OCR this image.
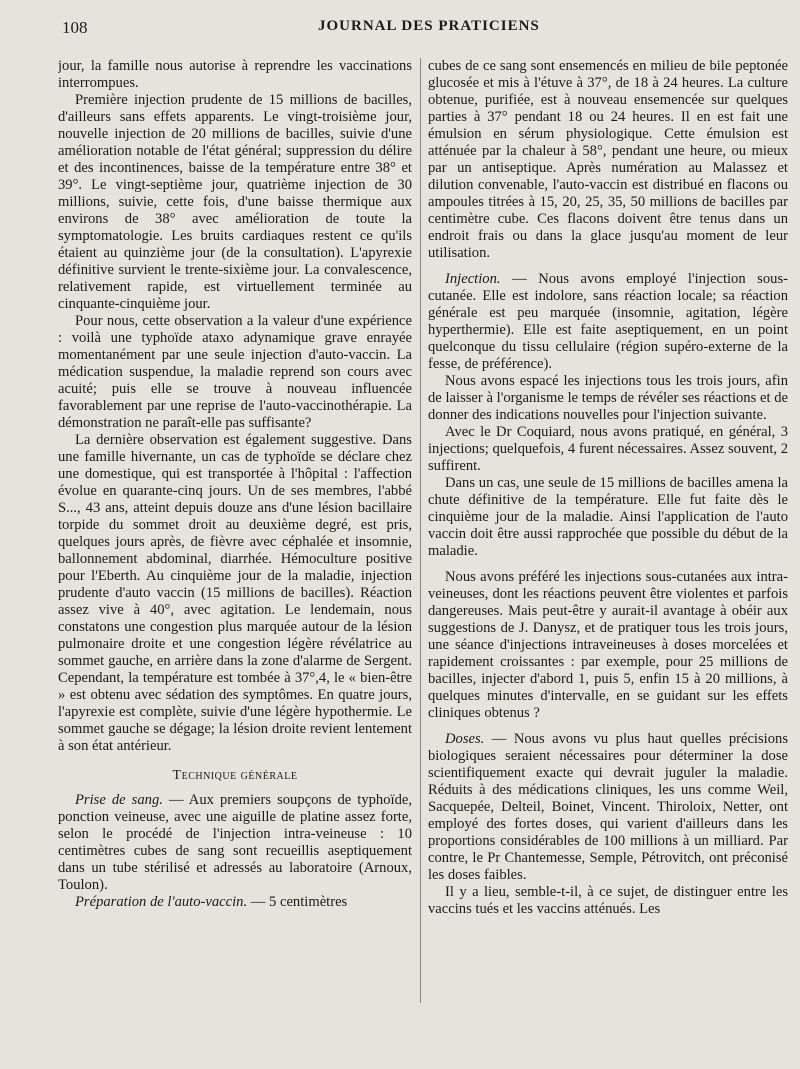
108	JOURNAL DES PRATICIENS

jour, la famille nous autorise à reprendre les vaccinations interrompues.

Première injection prudente de 15 millions de bacilles, d'ailleurs sans effets apparents. Le vingt-troisième jour, nouvelle injection de 20 millions de bacilles, suivie d'une amélioration notable de l'état général; suppression du délire et des incontinences, baisse de la température entre 38° et 39°. Le vingt-septième jour, quatrième injection de 30 millions, suivie, cette fois, d'une baisse thermique aux environs de 38° avec amélioration de toute la symptomatologie. Les bruits cardiaques restent ce qu'ils étaient au quinzième jour (de la consultation). L'apyrexie définitive survient le trente-sixième jour. La convalescence, relativement rapide, est virtuellement terminée au cinquante-cinquième jour.

Pour nous, cette observation a la valeur d'une expérience : voilà une typhoïde ataxo adynamique grave enrayée momentanément par une seule injection d'auto-vaccin. La médication suspendue, la maladie reprend son cours avec acuité; puis elle se trouve à nouveau influencée favorablement par une reprise de l'auto-vaccinothérapie. La démonstration ne paraît-elle pas suffisante?

La dernière observation est également suggestive. Dans une famille hivernante, un cas de typhoïde se déclare chez une domestique, qui est transportée à l'hôpital : l'affection évolue en quarante-cinq jours. Un de ses membres, l'abbé S..., 43 ans, atteint depuis douze ans d'une lésion bacillaire torpide du sommet droit au deuxième degré, est pris, quelques jours après, de fièvre avec céphalée et insomnie, ballonnement abdominal, diarrhée. Hémoculture positive pour l'Eberth. Au cinquième jour de la maladie, injection prudente d'auto vaccin (15 millions de bacilles). Réaction assez vive à 40°, avec agitation. Le lendemain, nous constatons une congestion plus marquée autour de la lésion pulmonaire droite et une congestion légère révélatrice au sommet gauche, en arrière dans la zone d'alarme de Sergent. Cependant, la température est tombée à 37°,4, le « bien-être » est obtenu avec sédation des symptômes. En quatre jours, l'apyrexie est complète, suivie d'une légère hypothermie. Le sommet gauche se dégage; la lésion droite revient lentement à son état antérieur.

Technique générale

Prise de sang. — Aux premiers soupçons de typhoïde, ponction veineuse, avec une aiguille de platine assez forte, selon le procédé de l'injection intra-veineuse : 10 centimètres cubes de sang sont recueillis aseptiquement dans un tube stérilisé et adressés au laboratoire (Arnoux, Toulon).

Préparation de l'auto-vaccin. — 5 centimètres

cubes de ce sang sont ensemencés en milieu de bile peptonée glucosée et mis à l'étuve à 37°, de 18 à 24 heures. La culture obtenue, purifiée, est à nouveau ensemencée sur quelques parties à 37° pendant 18 ou 24 heures. Il en est fait une émulsion en sérum physiologique. Cette émulsion est atténuée par la chaleur à 58°, pendant une heure, ou mieux par un antiseptique. Après numération au Malassez et dilution convenable, l'auto-vaccin est distribué en flacons ou ampoules titrées à 15, 20, 25, 35, 50 millions de bacilles par centimètre cube. Ces flacons doivent être tenus dans un endroit frais ou dans la glace jusqu'au moment de leur utilisation.

Injection. — Nous avons employé l'injection sous-cutanée. Elle est indolore, sans réaction locale; sa réaction générale est peu marquée (insomnie, agitation, légère hyperthermie). Elle est faite aseptiquement, en un point quelconque du tissu cellulaire (région supéro-externe de la fesse, de préférence).

Nous avons espacé les injections tous les trois jours, afin de laisser à l'organisme le temps de révéler ses réactions et de donner des indications nouvelles pour l'injection suivante.

Avec le Dr Coquiard, nous avons pratiqué, en général, 3 injections; quelquefois, 4 furent nécessaires. Assez souvent, 2 suffirent.

Dans un cas, une seule de 15 millions de bacilles amena la chute définitive de la température. Elle fut faite dès le cinquième jour de la maladie. Ainsi l'application de l'auto vaccin doit être aussi rapprochée que possible du début de la maladie.

Nous avons préféré les injections sous-cutanées aux intra-veineuses, dont les réactions peuvent être violentes et parfois dangereuses. Mais peut-être y aurait-il avantage à obéir aux suggestions de J. Danysz, et de pratiquer tous les trois jours, une séance d'injections intraveineuses à doses morcelées et rapidement croissantes : par exemple, pour 25 millions de bacilles, injecter d'abord 1, puis 5, enfin 15 à 20 millions, à quelques minutes d'intervalle, en se guidant sur les effets cliniques obtenus ?

Doses. — Nous avons vu plus haut quelles précisions biologiques seraient nécessaires pour déterminer la dose scientifiquement exacte qui devrait juguler la maladie. Réduits à des médications cliniques, les uns comme Weil, Sacquepée, Delteil, Boinet, Vincent. Thiroloix, Netter, ont employé des fortes doses, qui varient d'ailleurs dans les proportions considérables de 100 millions à un milliard. Par contre, le Pr Chantemesse, Semple, Pétrovitch, ont préconisé les doses faibles.

Il y a lieu, semble-t-il, à ce sujet, de distinguer entre les vaccins tués et les vaccins atténués. Les
